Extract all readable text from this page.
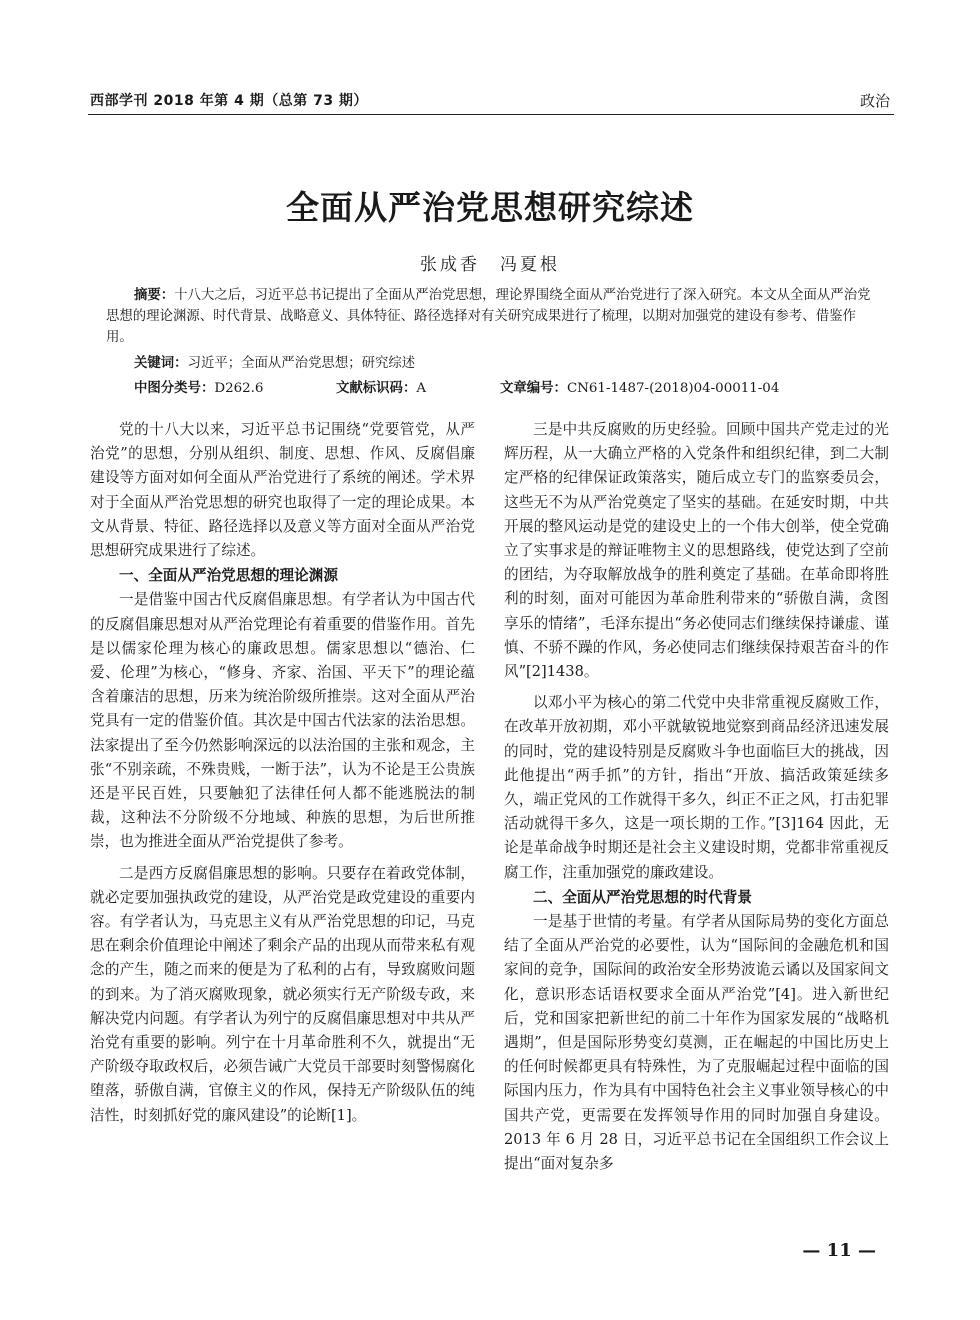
西部学刊 2018 年第 4 期（总第 73 期）	政治
全面从严治党思想研究综述
张成香　冯夏根

摘要：十八大之后，习近平总书记提出了全面从严治党思想，理论界围绕全面从严治党进行了深入研究。本文从全面从严治党思想的理论渊源、时代背景、战略意义、具体特征、路径选择对有关研究成果进行了梳理，以期对加强党的建设有参考、借鉴作用。

关键词：习近平；全面从严治党思想；研究综述
中图分类号：D262.6	文献标识码：A	文章编号：CN61-1487-(2018)04-00011-04

党的十八大以来，习近平总书记围绕“党要管党，从严治党”的思想，分别从组织、制度、思想、作风、反腐倡廉建设等方面对如何全面从严治党进行了系统的阐述。学术界对于全面从严治党思想的研究也取得了一定的理论成果。本文从背景、特征、路径选择以及意义等方面对全面从严治党思想研究成果进行了综述。

一、全面从严治党思想的理论渊源

一是借鉴中国古代反腐倡廉思想。有学者认为中国古代的反腐倡廉思想对从严治党理论有着重要的借鉴作用。首先是以儒家伦理为核心的廉政思想。儒家思想以“德治、仁爱、伦理”为核心，“修身、齐家、治国、平天下”的理论蕴含着廉洁的思想，历来为统治阶级所推崇。这对全面从严治党具有一定的借鉴价值。其次是中国古代法家的法治思想。法家提出了至今仍然影响深远的以法治国的主张和观念，主张“不别亲疏，不殊贵贱，一断于法”，认为不论是王公贵族还是平民百姓，只要触犯了法律任何人都不能逃脱法的制裁，这种法不分阶级不分地域、种族的思想，为后世所推崇，也为推进全面从严治党提供了参考。

二是西方反腐倡廉思想的影响。只要存在着政党体制，就必定要加强执政党的建设，从严治党是政党建设的重要内容。有学者认为，马克思主义有从严治党思想的印记，马克思在剩余价值理论中阐述了剩余产品的出现从而带来私有观念的产生，随之而来的便是为了私利的占有，导致腐败问题的到来。为了消灭腐败现象，就必须实行无产阶级专政，来解决党内问题。有学者认为列宁的反腐倡廉思想对中共从严治党有重要的影响。列宁在十月革命胜利不久，就提出“无产阶级夺取政权后，必须告诫广大党员干部要时刻警惕腐化堕落，骄傲自满，官僚主义的作风，保持无产阶级队伍的纯洁性，时刻抓好党的廉风建设”的论断[1]。

三是中共反腐败的历史经验。回顾中国共产党走过的光辉历程，从一大确立严格的入党条件和组织纪律，到二大制定严格的纪律保证政策落实，随后成立专门的监察委员会，这些无不为从严治党奠定了坚实的基础。在延安时期，中共开展的整风运动是党的建设史上的一个伟大创举，使全党确立了实事求是的辩证唯物主义的思想路线，使党达到了空前的团结，为夺取解放战争的胜利奠定了基础。在革命即将胜利的时刻，面对可能因为革命胜利带来的“骄傲自满，贪图享乐的情绪”，毛泽东提出“务必使同志们继续保持谦虚、谨慎、不骄不躁的作风，务必使同志们继续保持艰苦奋斗的作风”[2]1438。

以邓小平为核心的第二代党中央非常重视反腐败工作，在改革开放初期，邓小平就敏锐地觉察到商品经济迅速发展的同时，党的建设特别是反腐败斗争也面临巨大的挑战，因此他提出“两手抓”的方针，指出“开放、搞活政策延续多久，端正党风的工作就得干多久，纠正不正之风，打击犯罪活动就得干多久，这是一项长期的工作。”[3]164 因此，无论是革命战争时期还是社会主义建设时期，党都非常重视反腐工作，注重加强党的廉政建设。

二、全面从严治党思想的时代背景

一是基于世情的考量。有学者从国际局势的变化方面总结了全面从严治党的必要性，认为“国际间的金融危机和国家间的竞争，国际间的政治安全形势波诡云谲以及国家间文化，意识形态话语权要求全面从严治党”[4]。进入新世纪后，党和国家把新世纪的前二十年作为国家发展的“战略机遇期”，但是国际形势变幻莫测，正在崛起的中国比历史上的任何时候都更具有特殊性，为了克服崛起过程中面临的国际国内压力，作为具有中国特色社会主义事业领导核心的中国共产党，更需要在发挥领导作用的同时加强自身建设。2013 年 6 月 28 日，习近平总书记在全国组织工作会议上提出“面对复杂多

— 11 —
